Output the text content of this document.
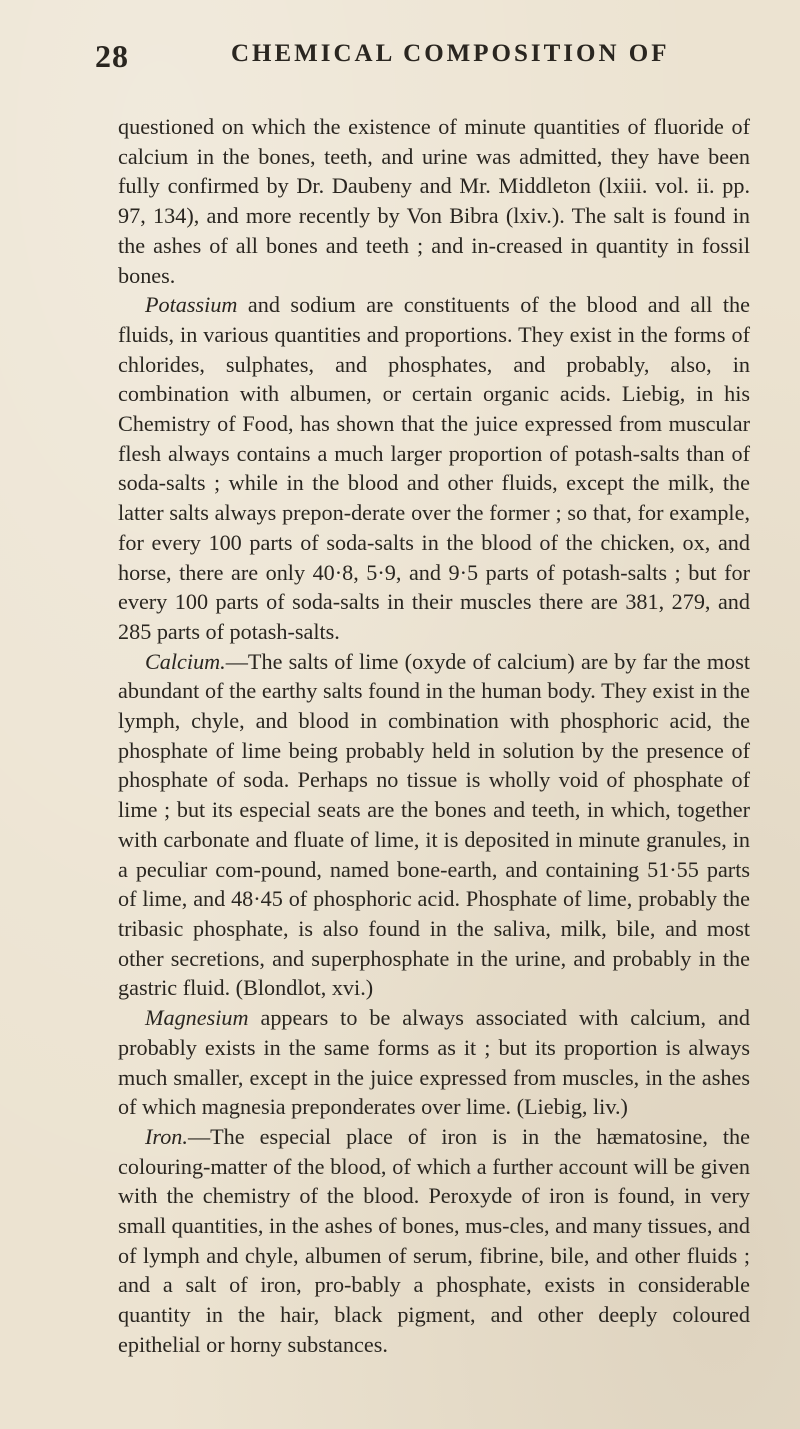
28	CHEMICAL COMPOSITION OF

questioned on which the existence of minute quantities of fluoride of calcium in the bones, teeth, and urine was admitted, they have been fully confirmed by Dr. Daubeny and Mr. Middleton (lxiii. vol. ii. pp. 97, 134), and more recently by Von Bibra (lxiv.). The salt is found in the ashes of all bones and teeth ; and in-creased in quantity in fossil bones.

Potassium and sodium are constituents of the blood and all the fluids, in various quantities and proportions. They exist in the forms of chlorides, sulphates, and phosphates, and probably, also, in combination with albumen, or certain organic acids. Liebig, in his Chemistry of Food, has shown that the juice expressed from muscular flesh always contains a much larger proportion of potash-salts than of soda-salts ; while in the blood and other fluids, except the milk, the latter salts always prepon-derate over the former ; so that, for example, for every 100 parts of soda-salts in the blood of the chicken, ox, and horse, there are only 40·8, 5·9, and 9·5 parts of potash-salts ; but for every 100 parts of soda-salts in their muscles there are 381, 279, and 285 parts of potash-salts.

Calcium.—The salts of lime (oxyde of calcium) are by far the most abundant of the earthy salts found in the human body. They exist in the lymph, chyle, and blood in combination with phosphoric acid, the phosphate of lime being probably held in solution by the presence of phosphate of soda. Perhaps no tissue is wholly void of phosphate of lime ; but its especial seats are the bones and teeth, in which, together with carbonate and fluate of lime, it is deposited in minute granules, in a peculiar com-pound, named bone-earth, and containing 51·55 parts of lime, and 48·45 of phosphoric acid. Phosphate of lime, probably the tribasic phosphate, is also found in the saliva, milk, bile, and most other secretions, and superphosphate in the urine, and probably in the gastric fluid. (Blondlot, xvi.)

Magnesium appears to be always associated with calcium, and probably exists in the same forms as it ; but its proportion is always much smaller, except in the juice expressed from muscles, in the ashes of which magnesia preponderates over lime. (Liebig, liv.)

Iron.—The especial place of iron is in the hæmatosine, the colouring-matter of the blood, of which a further account will be given with the chemistry of the blood. Peroxyde of iron is found, in very small quantities, in the ashes of bones, mus-cles, and many tissues, and of lymph and chyle, albumen of serum, fibrine, bile, and other fluids ; and a salt of iron, pro-bably a phosphate, exists in considerable quantity in the hair, black pigment, and other deeply coloured epithelial or horny substances.
